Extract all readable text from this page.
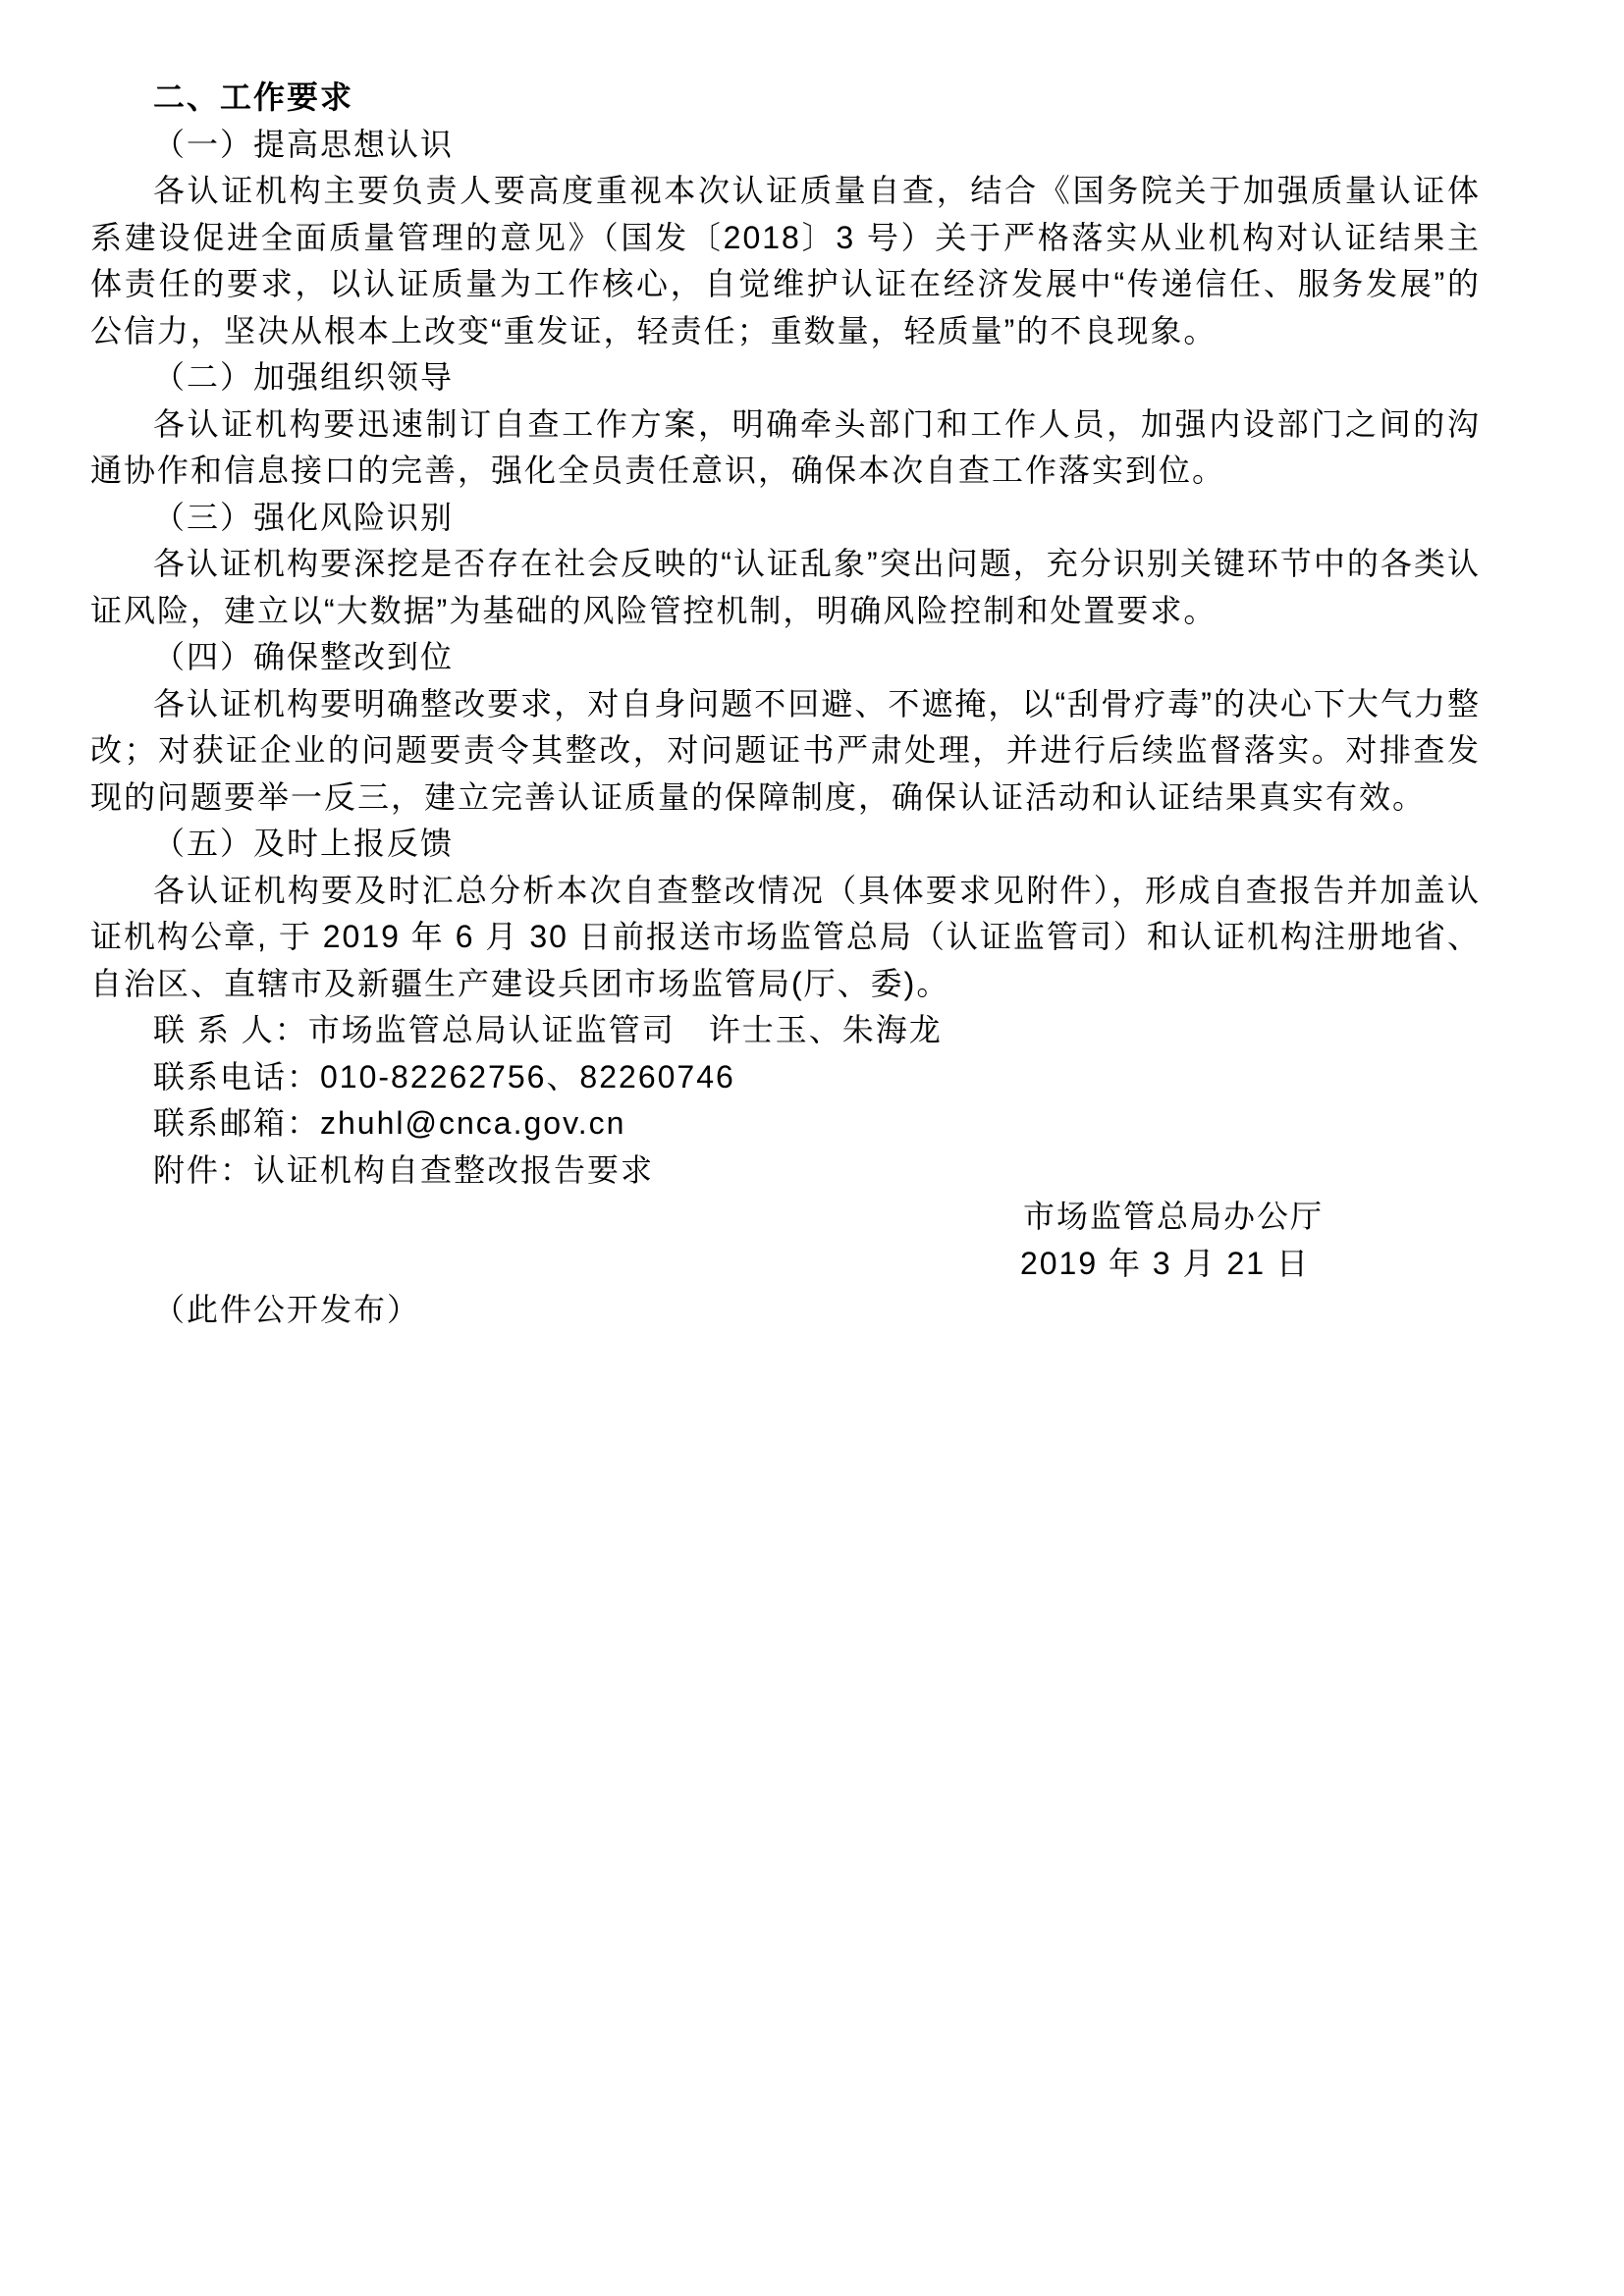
二、工作要求
（一）提高思想认识

各认证机构主要负责人要高度重视本次认证质量自查，结合《国务院关于加强质量认证体系建设促进全面质量管理的意见》（国发〔2018〕3 号）关于严格落实从业机构对认证结果主体责任的要求，以认证质量为工作核心，自觉维护认证在经济发展中“传递信任、服务发展”的公信力，坚决从根本上改变“重发证，轻责任；重数量，轻质量”的不良现象。

（二）加强组织领导

各认证机构要迅速制订自查工作方案，明确牵头部门和工作人员，加强内设部门之间的沟通协作和信息接口的完善，强化全员责任意识，确保本次自查工作落实到位。

（三）强化风险识别

各认证机构要深挖是否存在社会反映的“认证乱象”突出问题，充分识别关键环节中的各类认证风险，建立以“大数据”为基础的风险管控机制，明确风险控制和处置要求。

（四）确保整改到位

各认证机构要明确整改要求，对自身问题不回避、不遮掩，以“刮骨疗毒”的决心下大气力整改；对获证企业的问题要责令其整改，对问题证书严肃处理，并进行后续监督落实。对排查发现的问题要举一反三，建立完善认证质量的保障制度，确保认证活动和认证结果真实有效。

（五）及时上报反馈

各认证机构要及时汇总分析本次自查整改情况（具体要求见附件），形成自查报告并加盖认证机构公章, 于 2019 年 6 月 30 日前报送市场监管总局（认证监管司）和认证机构注册地省、自治区、直辖市及新疆生产建设兵团市场监管局(厅、委)。

联 系 人：市场监管总局认证监管司　许士玉、朱海龙
联系电话：010-82262756、82260746
联系邮箱：zhuhl@cnca.gov.cn
附件：认证机构自查整改报告要求
市场监管总局办公厅
2019 年 3 月 21 日
（此件公开发布）
